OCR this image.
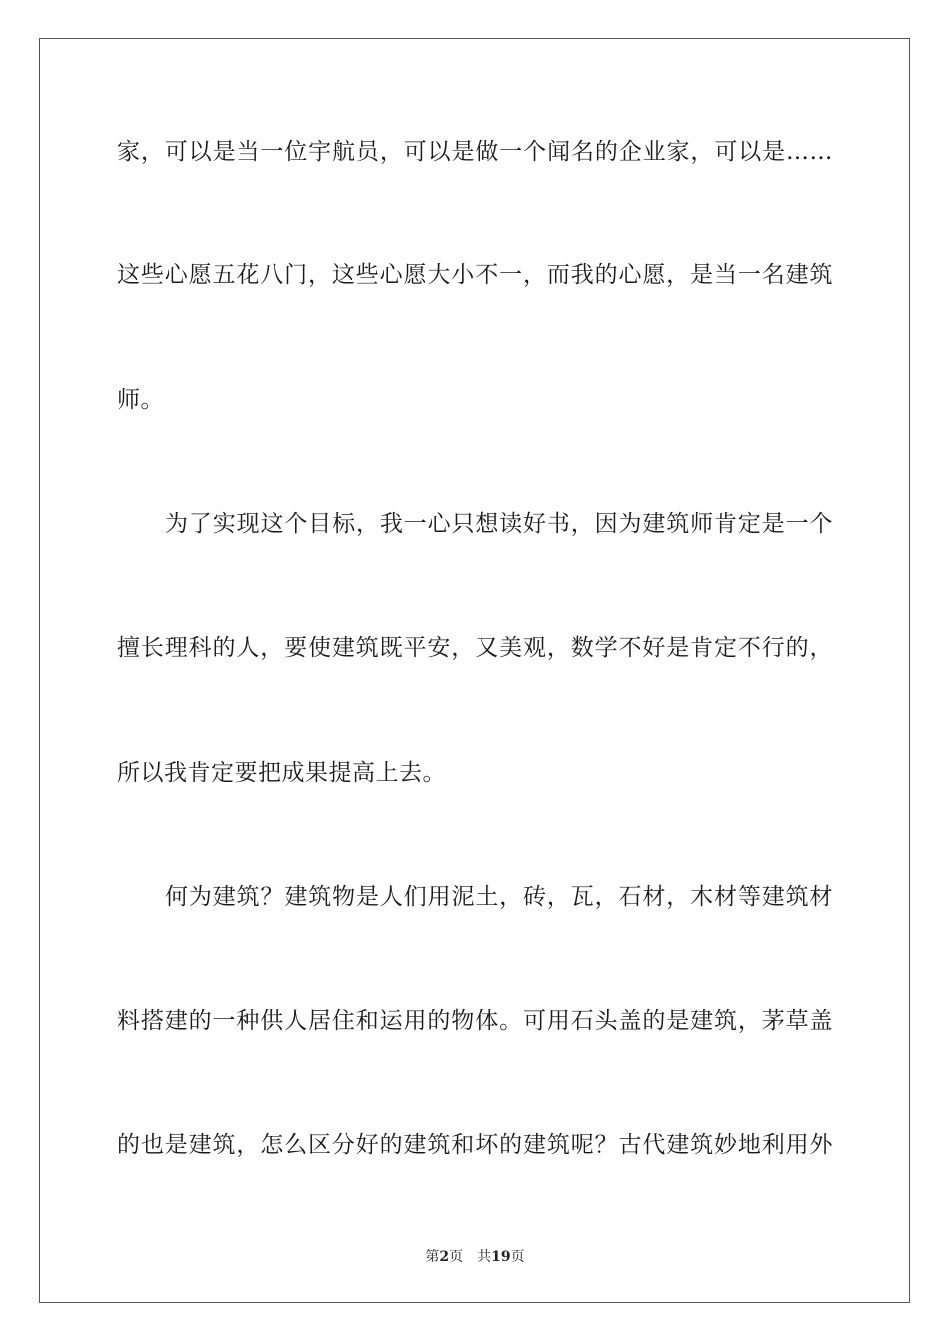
家，可以是当一位宇航员，可以是做一个闻名的企业家，可以是……
这些心愿五花八门，这些心愿大小不一，而我的心愿，是当一名建筑
师。
为了实现这个目标，我一心只想读好书，因为建筑师肯定是一个
擅长理科的人，要使建筑既平安，又美观，数学不好是肯定不行的，
所以我肯定要把成果提高上去。
何为建筑？建筑物是人们用泥土，砖，瓦，石材，木材等建筑材
料搭建的一种供人居住和运用的物体。可用石头盖的是建筑，茅草盖
的也是建筑，怎么区分好的建筑和坏的建筑呢？古代建筑妙地利用外
第2页 共19页
